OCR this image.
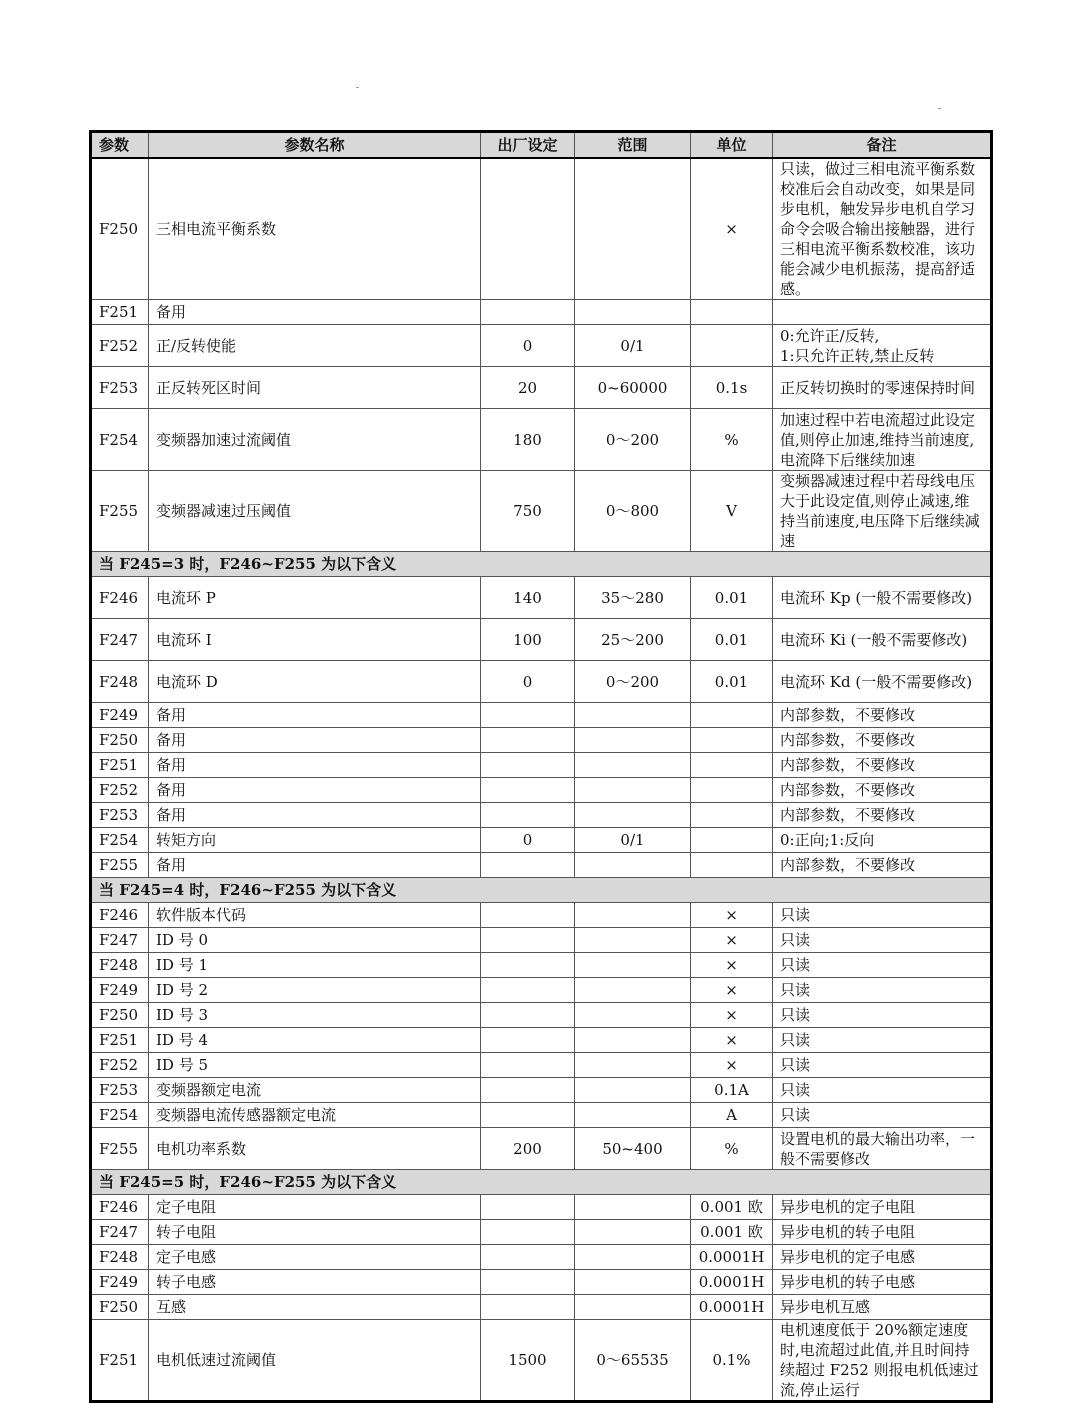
参数	参数名称	出厂设定	范围	单位	备注
F250	三相电流平衡系数			×	只读，做过三相电流平衡系数校准后会自动改变，如果是同步电机，触发异步电机自学习命令会吸合输出接触器，进行三相电流平衡系数校准，该功能会减少电机振荡，提高舒适感。
F251	备用				
F252	正/反转使能	0	0/1		0:允许正/反转,
1:只允许正转,禁止反转
F253	正反转死区时间	20	0~60000	0.1s	正反转切换时的零速保持时间
F254	变频器加速过流阈值	180	0～200	%	加速过程中若电流超过此设定值,则停止加速,维持当前速度,电流降下后继续加速
F255	变频器减速过压阈值	750	0～800	V	变频器减速过程中若母线电压大于此设定值,则停止减速,维持当前速度,电压降下后继续减速
当 F245=3 时，F246~F255 为以下含义					
F246	电流环 P	140	35～280	0.01	电流环 Kp (一般不需要修改)
F247	电流环 I	100	25～200	0.01	电流环 Ki (一般不需要修改)
F248	电流环 D	0	0～200	0.01	电流环 Kd (一般不需要修改)
F249	备用				内部参数，不要修改
F250	备用				内部参数，不要修改
F251	备用				内部参数，不要修改
F252	备用				内部参数，不要修改
F253	备用				内部参数，不要修改
F254	转矩方向	0	0/1		0:正向;1:反向
F255	备用				内部参数，不要修改
当 F245=4 时，F246~F255 为以下含义					
F246	软件版本代码			×	只读
F247	ID 号 0			×	只读
F248	ID 号 1			×	只读
F249	ID 号 2			×	只读
F250	ID 号 3			×	只读
F251	ID 号 4			×	只读
F252	ID 号 5			×	只读
F253	变频器额定电流			0.1A	只读
F254	变频器电流传感器额定电流			A	只读
F255	电机功率系数	200	50~400	%	设置电机的最大输出功率，一般不需要修改
当 F245=5 时，F246~F255 为以下含义					
F246	定子电阻			0.001 欧	异步电机的定子电阻
F247	转子电阻			0.001 欧	异步电机的转子电阻
F248	定子电感			0.0001H	异步电机的定子电感
F249	转子电感			0.0001H	异步电机的转子电感
F250	互感			0.0001H	异步电机互感
F251	电机低速过流阈值	1500	0～65535	0.1%	电机速度低于 20%额定速度时,电流超过此值,并且时间持续超过 F252 则报电机低速过流,停止运行
